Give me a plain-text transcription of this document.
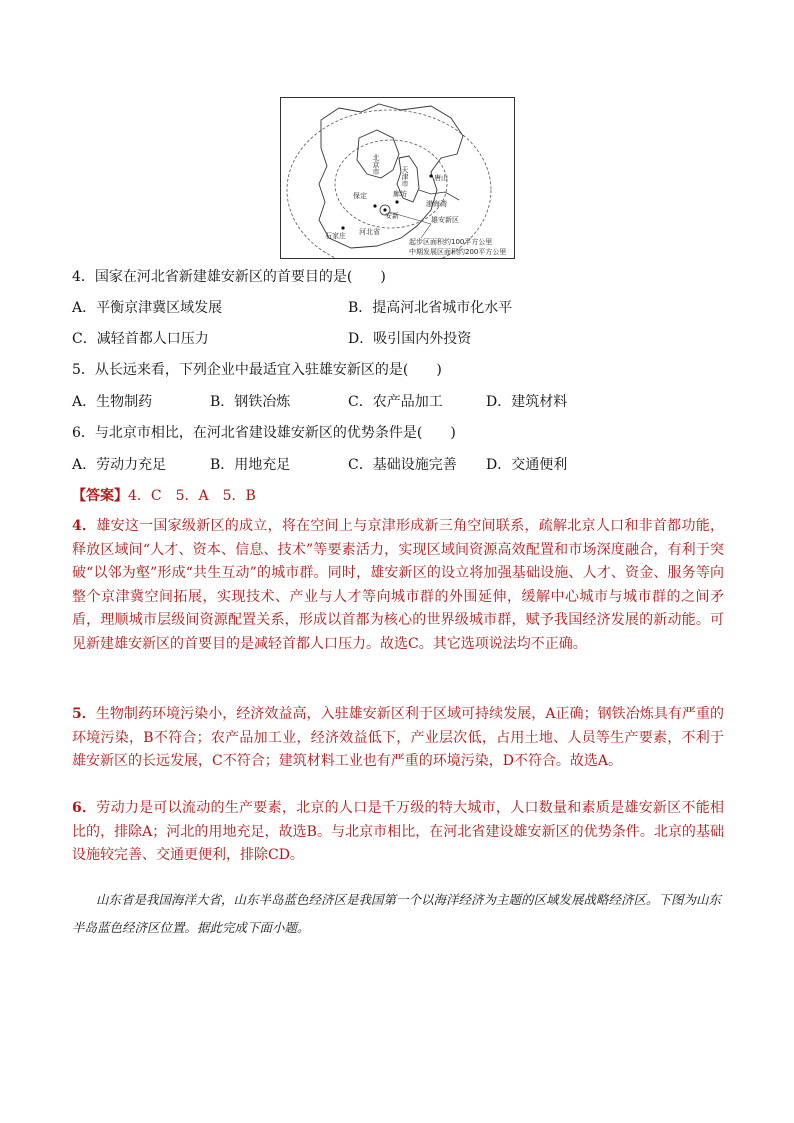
北京市
天津市	唐山
保定	廊坊
渤海湾
安新	雄安新区
河北省
石家庄
起步区面积约100平方公里
中期发展区面积约200平方公里
4．国家在河北省新建雄安新区的首要目的是(　　)
A．平衡京津冀区域发展	B．提高河北省城市化水平
C．减轻首都人口压力	D．吸引国内外投资
5．从长远来看，下列企业中最适宜入驻雄安新区的是(　　)
A．生物制药	B．钢铁冶炼	C．农产品加工	D．建筑材料
6．与北京市相比，在河北省建设雄安新区的优势条件是(　　)
A．劳动力充足	B．用地充足	C．基础设施完善 D．交通便利
【答案】4．C　5．A　5．B
4．雄安这一国家级新区的成立，将在空间上与京津形成新三角空间联系，疏解北京人口和非首都功能，释放区域间“人才、资本、信息、技术”等要素活力，实现区域间资源高效配置和市场深度融合，有利于突破“以邻为壑”形成“共生互动”的城市群。同时，雄安新区的设立将加强基础设施、人才、资金、服务等向整个京津冀空间拓展，实现技术、产业与人才等向城市群的外围延伸，缓解中心城市与城市群的之间矛盾，理顺城市层级间资源配置关系，形成以首都为核心的世界级城市群，赋予我国经济发展的新动能。可见新建雄安新区的首要目的是减轻首都人口压力。故选C。其它选项说法均不正确。
5．生物制药环境污染小，经济效益高，入驻雄安新区利于区域可持续发展，A正确；钢铁冶炼具有严重的环境污染，B不符合；农产品加工业，经济效益低下，产业层次低，占用土地、人员等生产要素，不利于雄安新区的长远发展，C不符合；建筑材料工业也有严重的环境污染，D不符合。故选A。
6．劳动力是可以流动的生产要素，北京的人口是千万级的特大城市，人口数量和素质是雄安新区不能相比的，排除A；河北的用地充足，故选B。与北京市相比，在河北省建设雄安新区的优势条件。北京的基础设施较完善、交通更便利，排除CD。
山东省是我国海洋大省，山东半岛蓝色经济区是我国第一个以海洋经济为主题的区域发展战略经济区。下图为山东半岛蓝色经济区位置。据此完成下面小题。
